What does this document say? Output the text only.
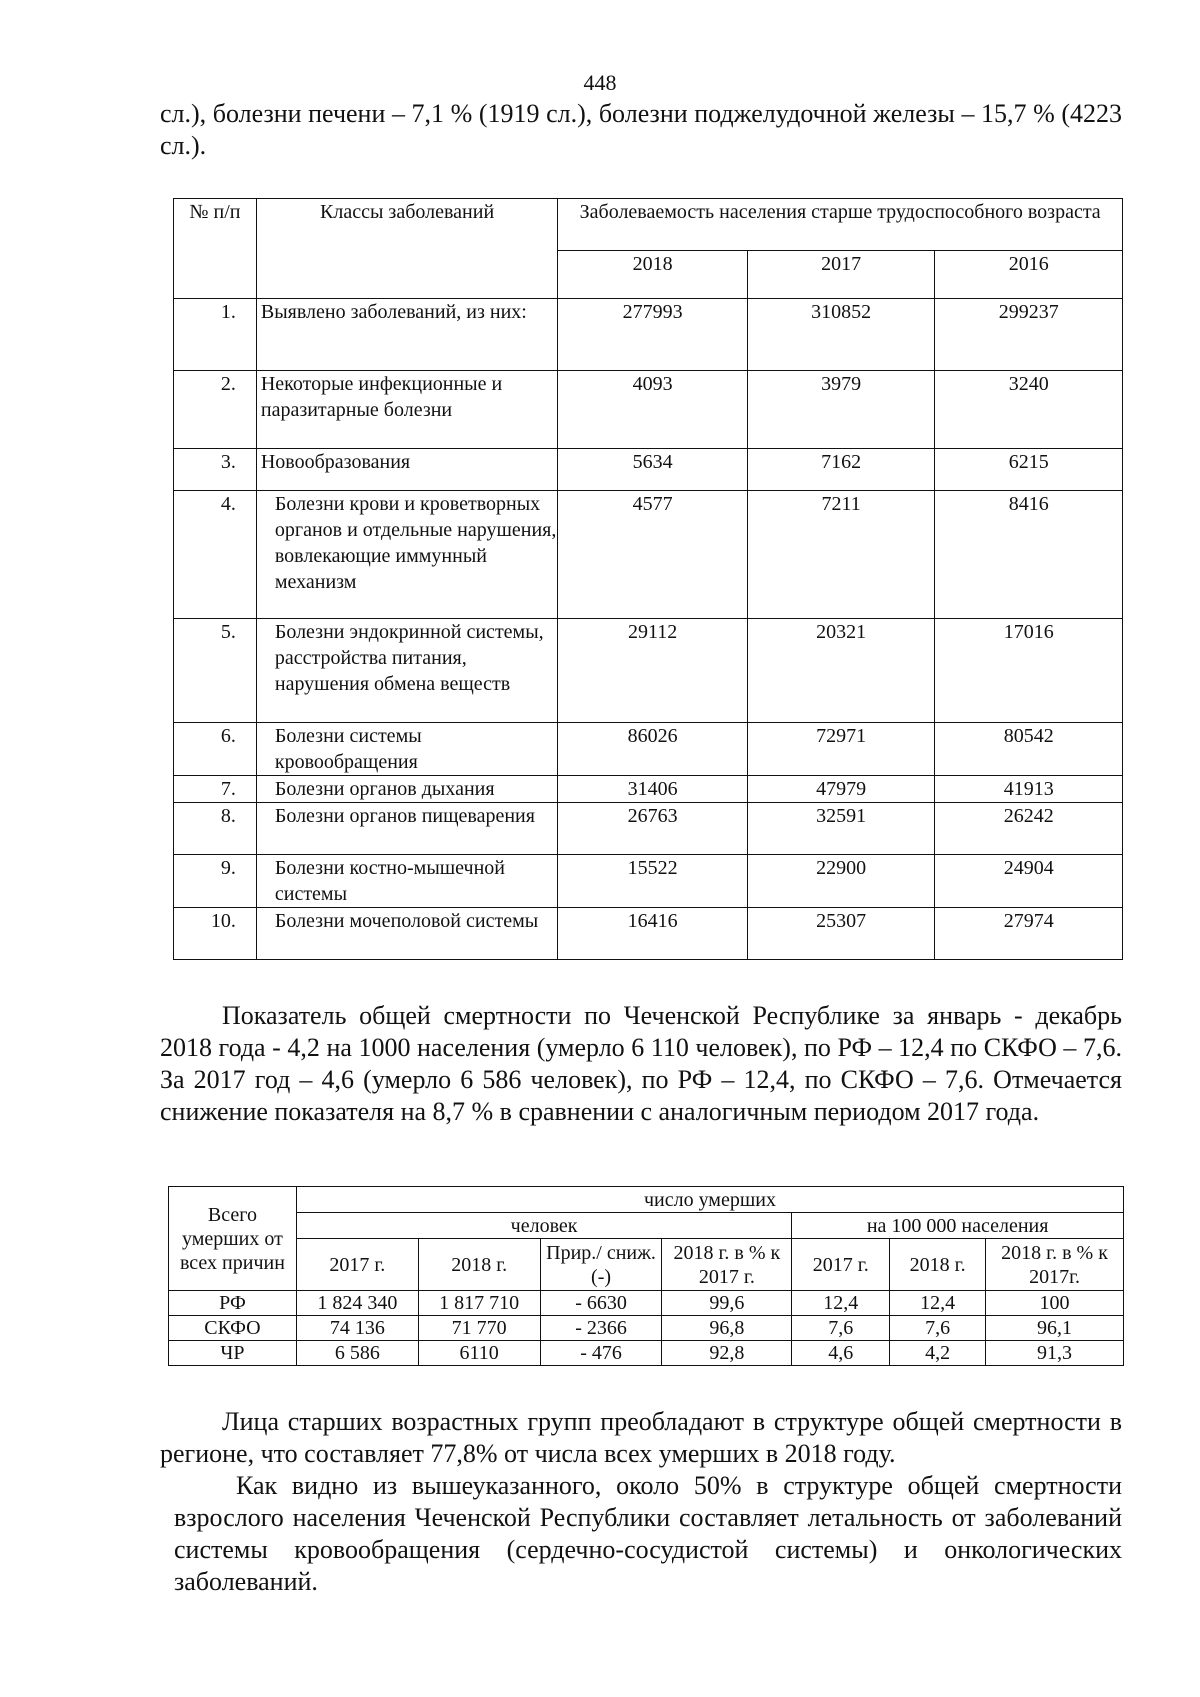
448

сл.), болезни печени – 7,1 % (1919 сл.), болезни поджелудочной железы – 15,7 % (4223 сл.).

№ п/п	Классы заболеваний	Заболеваемость населения старше трудоспособного возраста		
		2018	2017	2016
1.	Выявлено заболеваний, из них:	277993	310852	299237
2.	Некоторые инфекционные и паразитарные болезни	4093	3979	3240
3.	Новообразования	5634	7162	6215
4.	Болезни крови и кроветворных органов и отдельные нарушения, вовлекающие иммунный механизм	4577	7211	8416
5.	Болезни эндокринной системы, расстройства питания, нарушения обмена веществ	29112	20321	17016
6.	Болезни системы кровообращения	86026	72971	80542
7.	Болезни органов дыхания	31406	47979	41913
8.	Болезни органов пищеварения	26763	32591	26242
9.	Болезни костно-мышечной системы	15522	22900	24904
10.	Болезни мочеполовой системы	16416	25307	27974

Показатель общей смертности по Чеченской Республике за январь - декабрь 2018 года - 4,2 на 1000 населения (умерло 6 110 человек), по РФ – 12,4 по СКФО – 7,6. За 2017 год – 4,6 (умерло 6 586 человек), по РФ – 12,4, по СКФО – 7,6. Отмечается снижение показателя на 8,7 % в сравнении с аналогичным периодом 2017 года.

Всего умерших от всех причин	число умерших						
	человек				на 100 000 населения		
	2017 г.	2018 г.	Прир./ сниж. (-)	2018 г. в % к 2017 г.	2017 г.	2018 г.	2018 г. в % к 2017г.
РФ	1 824 340	1 817 710	- 6630	99,6	12,4	12,4	100
СКФО	74 136	71 770	- 2366	96,8	7,6	7,6	96,1
ЧР	6 586	6110	- 476	92,8	4,6	4,2	91,3

Лица старших возрастных групп преобладают в структуре общей смертности в регионе, что составляет 77,8% от числа всех умерших в 2018 году.

Как видно из вышеуказанного, около 50% в структуре общей смертности взрослого населения Чеченской Республики составляет летальность от заболеваний системы кровообращения (сердечно-сосудистой системы) и онкологических заболеваний.
